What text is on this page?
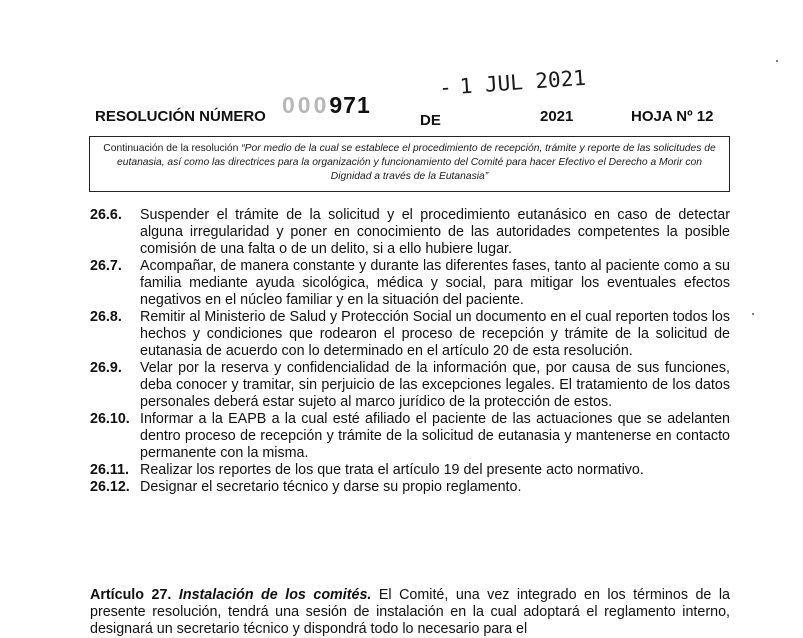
000971
- 1 JUL 2021
RESOLUCIÓN NÚMERO	DE	2021	HOJA Nº 12
Continuación de la resolución “Por medio de la cual se establece el procedimiento de recepción, trámite y reporte de las solicitudes de eutanasia, así como las directrices para la organización y funcionamiento del Comité para hacer Efectivo el Derecho a Morir con Dignidad a través de la Eutanasia”
26.6.	Suspender el trámite de la solicitud y el procedimiento eutanásico en caso de detectar alguna irregularidad y poner en conocimiento de las autoridades competentes la posible comisión de una falta o de un delito, si a ello hubiere lugar.
26.7.	Acompañar, de manera constante y durante las diferentes fases, tanto al paciente como a su familia mediante ayuda sicológica, médica y social, para mitigar los eventuales efectos negativos en el núcleo familiar y en la situación del paciente.
26.8.	Remitir al Ministerio de Salud y Protección Social un documento en el cual reporten todos los hechos y condiciones que rodearon el proceso de recepción y trámite de la solicitud de eutanasia de acuerdo con lo determinado en el artículo 20 de esta resolución.
26.9.	Velar por la reserva y confidencialidad de la información que, por causa de sus funciones, deba conocer y tramitar, sin perjuicio de las excepciones legales. El tratamiento de los datos personales deberá estar sujeto al marco jurídico de la protección de estos.
26.10. Informar a la EAPB a la cual esté afiliado el paciente de las actuaciones que se adelanten dentro proceso de recepción y trámite de la solicitud de eutanasia y mantenerse en contacto permanente con la misma.
26.11. Realizar los reportes de los que trata el artículo 19 del presente acto normativo.
26.12. Designar el secretario técnico y darse su propio reglamento.
Artículo 27. Instalación de los comités. El Comité, una vez integrado en los términos de la presente resolución, tendrá una sesión de instalación en la cual adoptará el reglamento interno, designará un secretario técnico y dispondrá todo lo necesario para el
